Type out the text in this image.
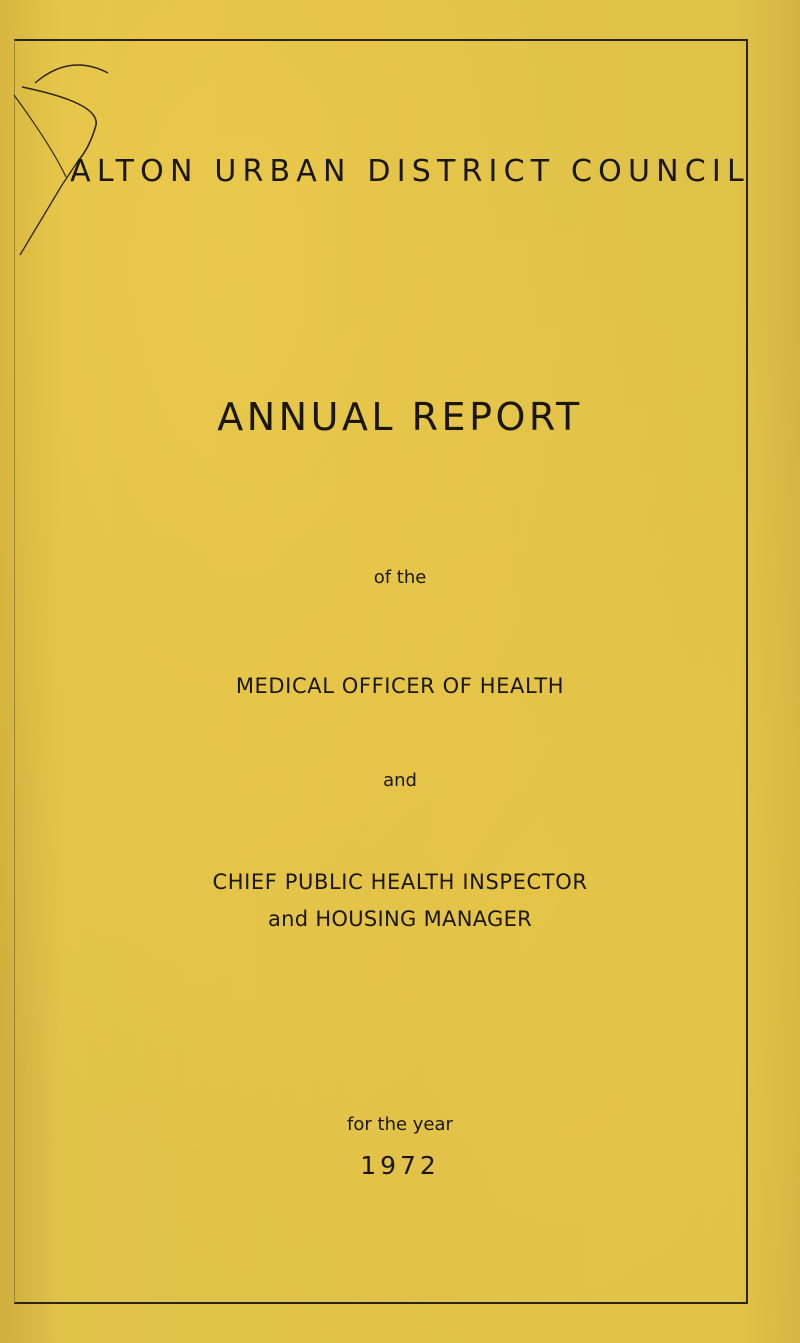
ALTON URBAN DISTRICT COUNCIL
ANNUAL REPORT
of the
MEDICAL OFFICER OF HEALTH
and
CHIEF PUBLIC HEALTH INSPECTOR
and HOUSING MANAGER
for the year
1972
